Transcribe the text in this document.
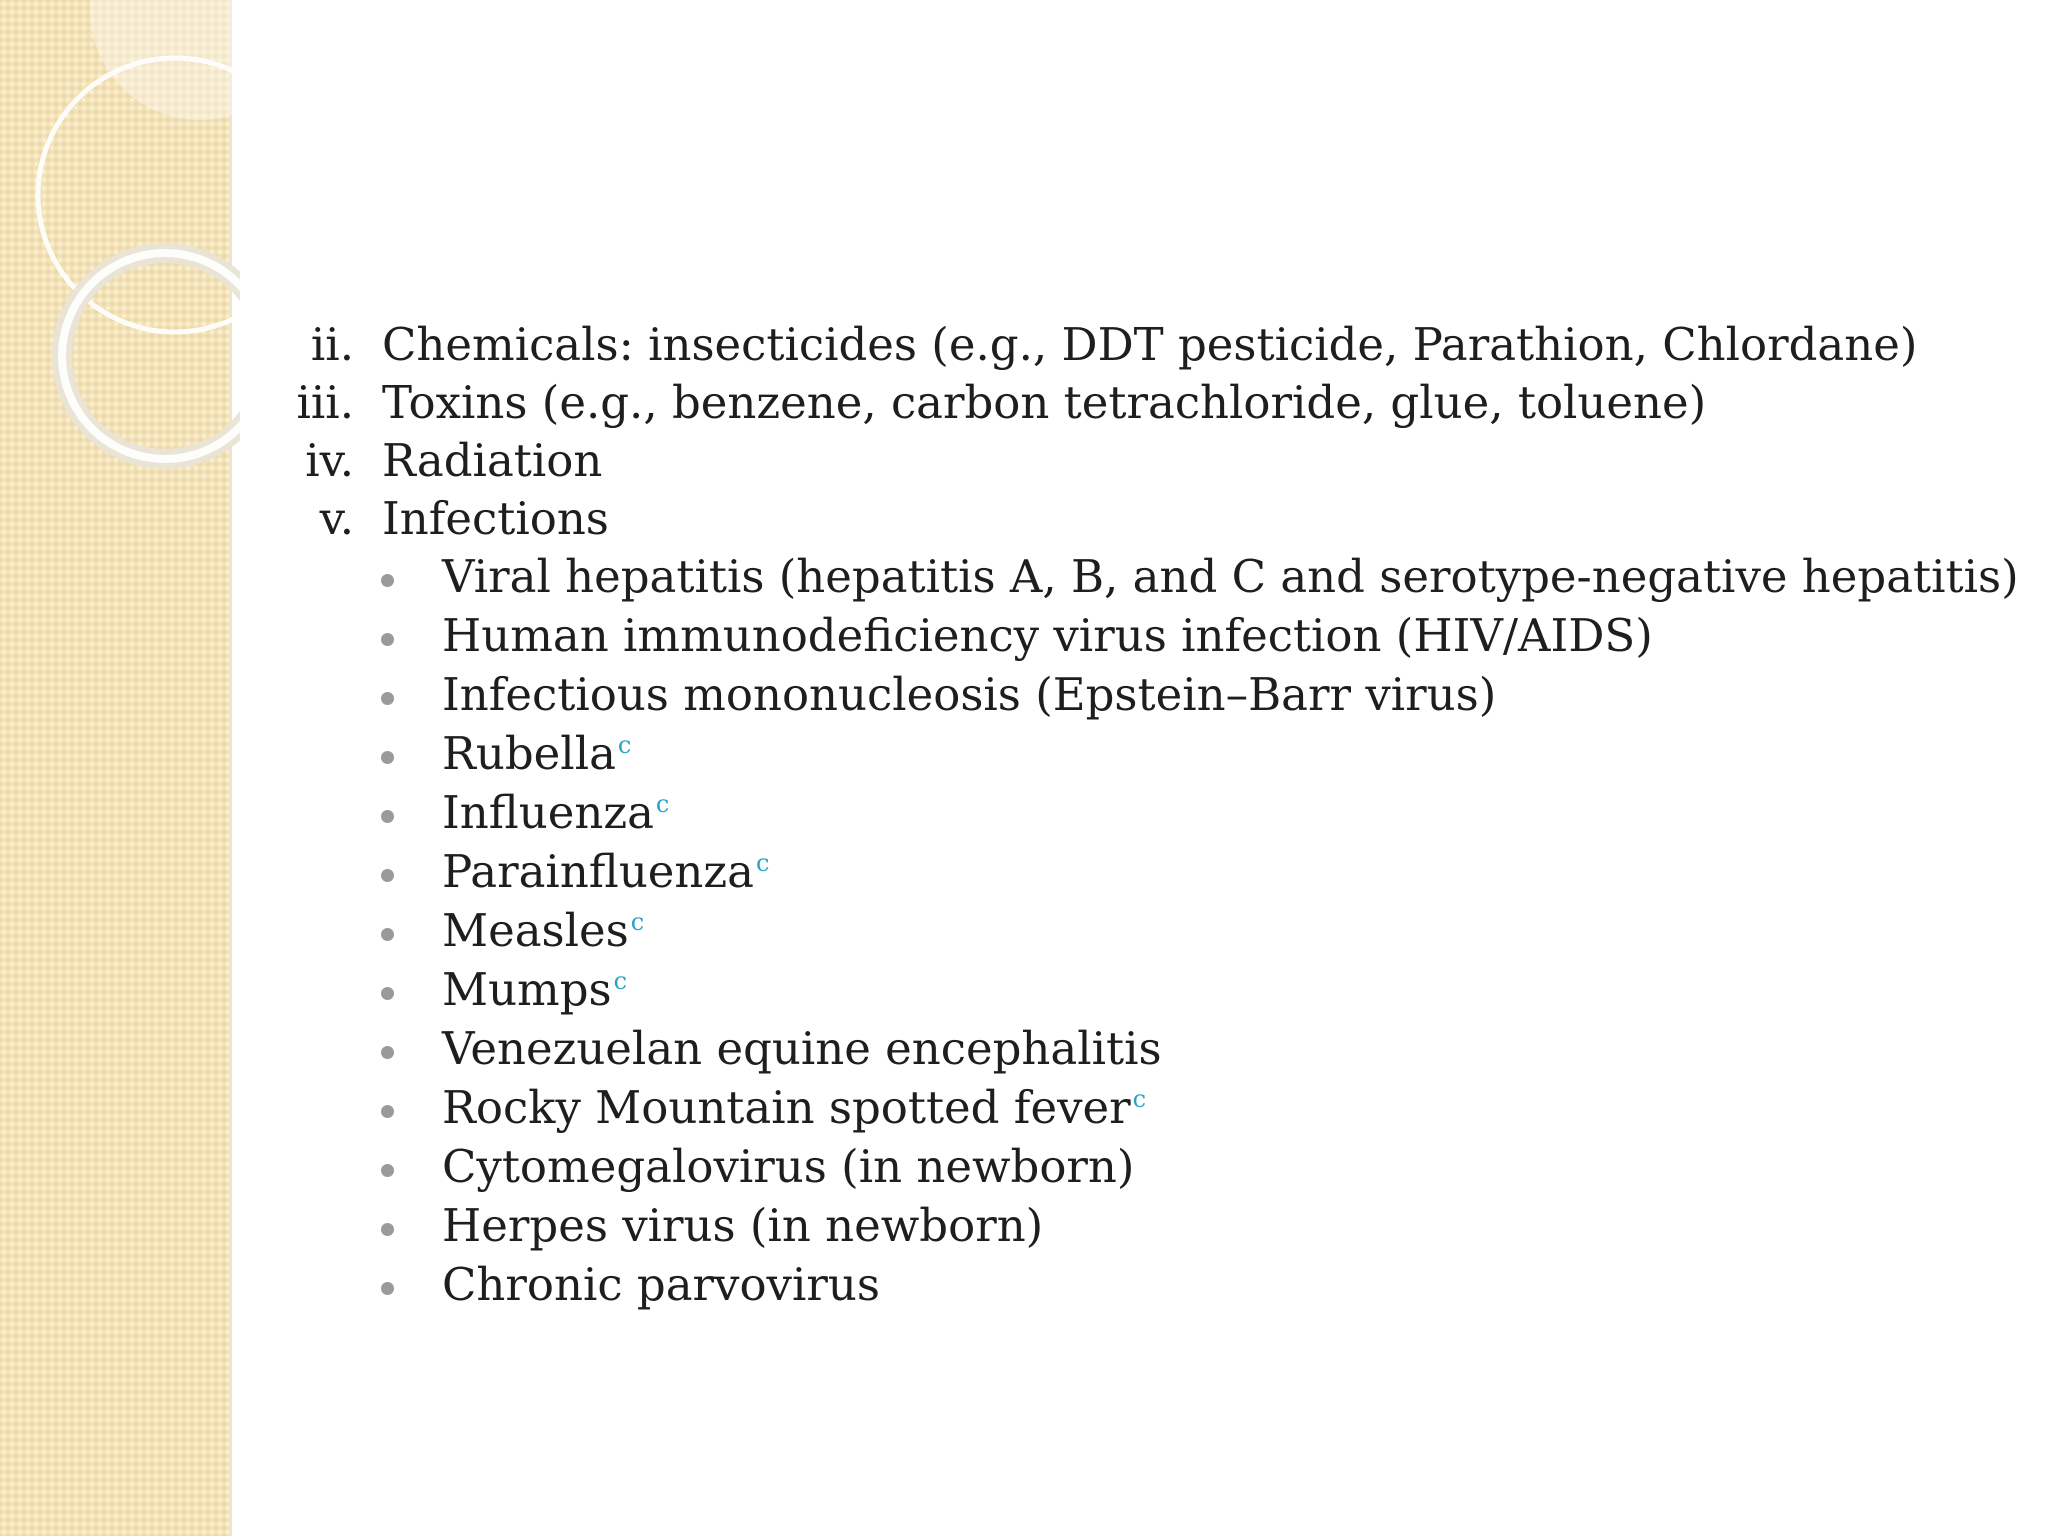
ii. Chemicals: insecticides (e.g., DDT pesticide, Parathion, Chlordane)
iii. Toxins (e.g., benzene, carbon tetrachloride, glue, toluene)
iv. Radiation
v. Infections
Viral hepatitis (hepatitis A, B, and C and serotype-negative hepatitis)
Human immunodeficiency virus infection (HIV/AIDS)
Infectious mononucleosis (Epstein–Barr virus)
Rubella$^c$
Influenza$^c$
Parainfluenza$^c$
Measles$^c$
Mumps$^c$
Venezuelan equine encephalitis
Rocky Mountain spotted fever$^c$
Cytomegalovirus (in newborn)
Herpes virus (in newborn)
Chronic parvovirus
